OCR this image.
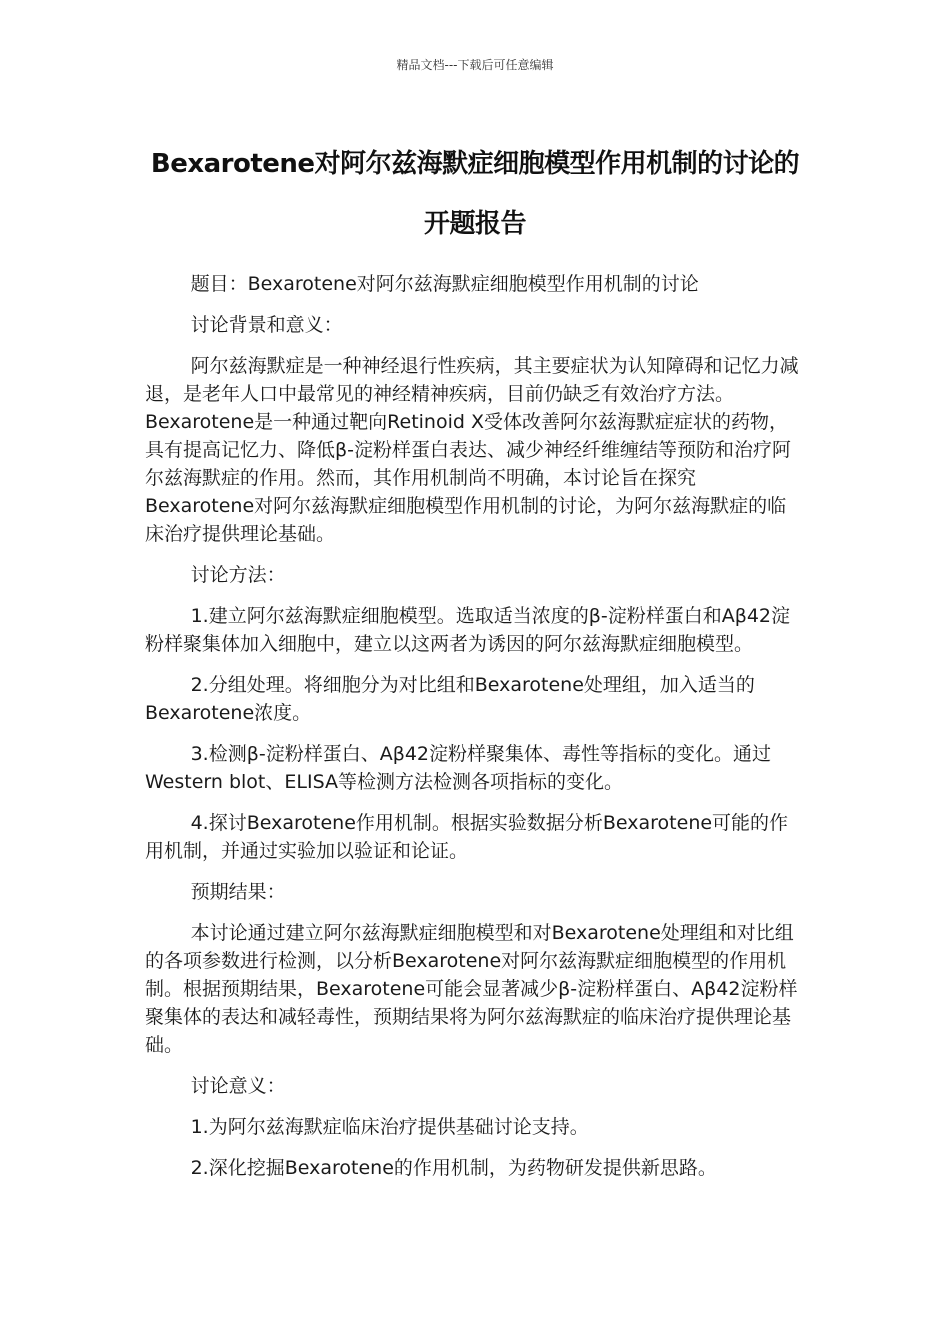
精品文档---下载后可任意编辑
Bexarotene对阿尔兹海默症细胞模型作用机制的讨论的开题报告

题目：Bexarotene对阿尔兹海默症细胞模型作用机制的讨论

讨论背景和意义：

阿尔兹海默症是一种神经退行性疾病，其主要症状为认知障碍和记忆力减退，是老年人口中最常见的神经精神疾病，目前仍缺乏有效治疗方法。Bexarotene是一种通过靶向Retinoid X受体改善阿尔兹海默症症状的药物，具有提高记忆力、降低β-淀粉样蛋白表达、减少神经纤维缠结等预防和治疗阿尔兹海默症的作用。然而，其作用机制尚不明确，本讨论旨在探究Bexarotene对阿尔兹海默症细胞模型作用机制的讨论，为阿尔兹海默症的临床治疗提供理论基础。

讨论方法：

1.建立阿尔兹海默症细胞模型。选取适当浓度的β-淀粉样蛋白和Aβ42淀粉样聚集体加入细胞中，建立以这两者为诱因的阿尔兹海默症细胞模型。

2.分组处理。将细胞分为对比组和Bexarotene处理组，加入适当的Bexarotene浓度。

3.检测β-淀粉样蛋白、Aβ42淀粉样聚集体、毒性等指标的变化。通过Western blot、ELISA等检测方法检测各项指标的变化。

4.探讨Bexarotene作用机制。根据实验数据分析Bexarotene可能的作用机制，并通过实验加以验证和论证。

预期结果：

本讨论通过建立阿尔兹海默症细胞模型和对Bexarotene处理组和对比组的各项参数进行检测，以分析Bexarotene对阿尔兹海默症细胞模型的作用机制。根据预期结果，Bexarotene可能会显著减少β-淀粉样蛋白、Aβ42淀粉样聚集体的表达和减轻毒性，预期结果将为阿尔兹海默症的临床治疗提供理论基础。

讨论意义：

1.为阿尔兹海默症临床治疗提供基础讨论支持。

2.深化挖掘Bexarotene的作用机制，为药物研发提供新思路。
